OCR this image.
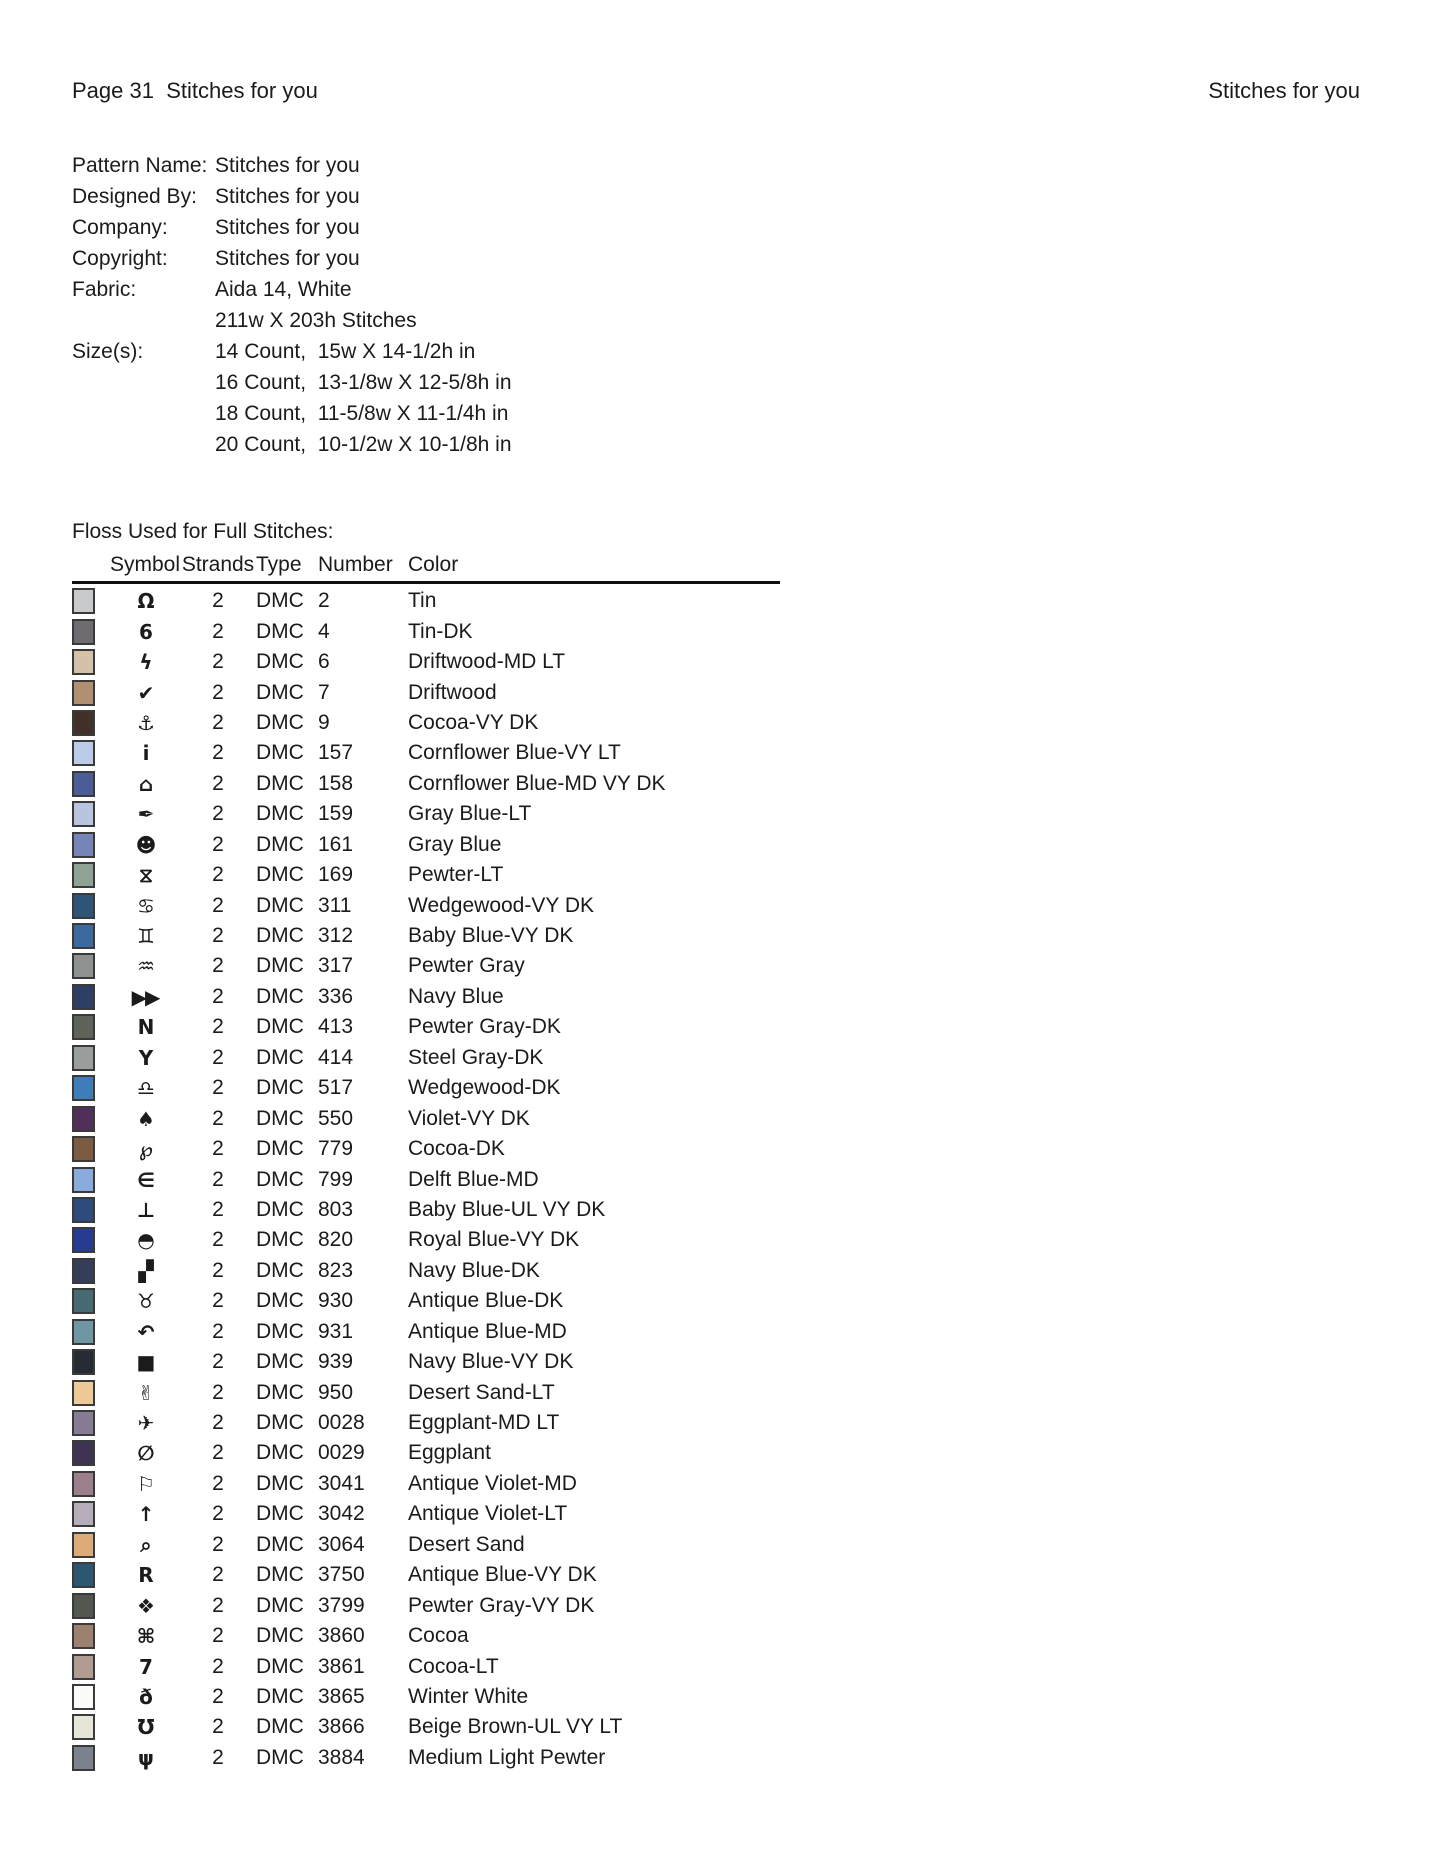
Page 31  Stitches for you	Stitches for you
Pattern Name: Stitches for you
Designed By: Stitches for you
Company:	Stitches for you
Copyright:	Stitches for you
Fabric:	Aida 14, White
211w X 203h Stitches
Size(s):	14 Count,  15w X 14-1/2h in
16 Count,  13-1/8w X 12-5/8h in
18 Count,  11-5/8w X 11-1/4h in
20 Count,  10-1/2w X 10-1/8h in
Floss Used for Full Stitches:
Symbol Strands Type Number Color
Ω	2	DMC 2	Tin
6	2	DMC 4	Tin-DK
ϟ	2	DMC 6	Driftwood-MD LT
✔	2	DMC 7	Driftwood
⚓	2	DMC 9	Cocoa-VY DK
i	2	DMC 157	Cornflower Blue-VY LT
⌂	2	DMC 158	Cornflower Blue-MD VY DK
✒	2	DMC 159	Gray Blue-LT
☻	2	DMC 161	Gray Blue
⧖	2	DMC 169	Pewter-LT
♋	2	DMC 311	Wedgewood-VY DK
♊	2	DMC 312	Baby Blue-VY DK
♒	2	DMC 317	Pewter Gray
▶▶	2	DMC 336	Navy Blue
N	2	DMC 413	Pewter Gray-DK
Y	2	DMC 414	Steel Gray-DK
♎	2	DMC 517	Wedgewood-DK
♠	2	DMC 550	Violet-VY DK
℘	2	DMC 779	Cocoa-DK
∈	2	DMC 799	Delft Blue-MD
⊥	2	DMC 803	Baby Blue-UL VY DK
◓	2	DMC 820	Royal Blue-VY DK
▞	2	DMC 823	Navy Blue-DK
♉	2	DMC 930	Antique Blue-DK
↶	2	DMC 931	Antique Blue-MD
■	2	DMC 939	Navy Blue-VY DK
✌	2	DMC 950	Desert Sand-LT
✈	2	DMC 0028	Eggplant-MD LT
∅	2	DMC 0029	Eggplant
⚐	2	DMC 3041	Antique Violet-MD
↑	2	DMC 3042	Antique Violet-LT
⌕	2	DMC 3064	Desert Sand
R	2	DMC 3750	Antique Blue-VY DK
❖	2	DMC 3799	Pewter Gray-VY DK
⌘	2	DMC 3860	Cocoa
7	2	DMC 3861	Cocoa-LT
ð	2	DMC 3865	Winter White
Ʊ	2	DMC 3866	Beige Brown-UL VY LT
ψ	2	DMC 3884	Medium Light Pewter
